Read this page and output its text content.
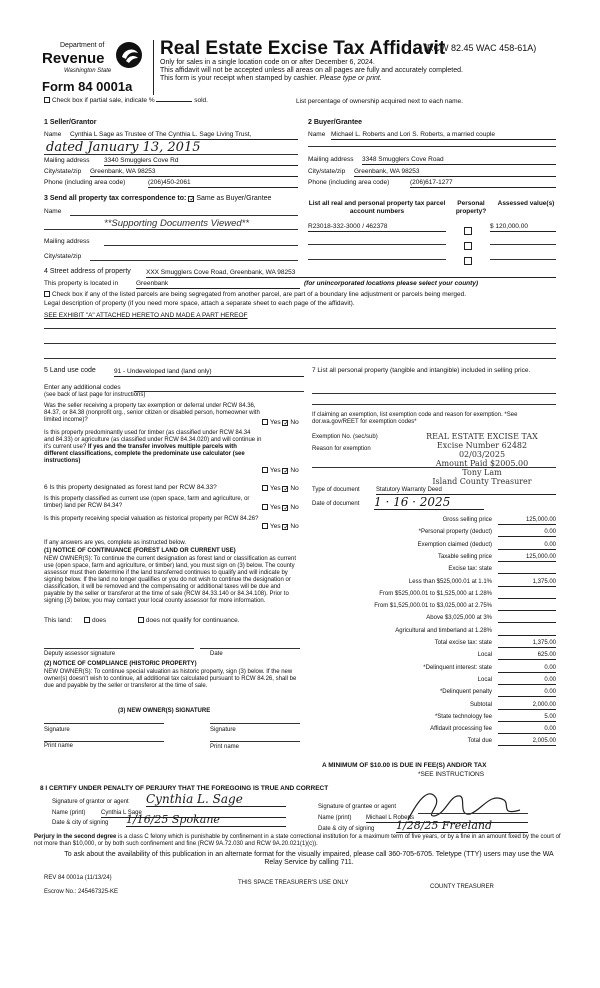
Department of
Revenue
Washington State
Form 84 0001a
Real Estate Excise Tax Affidavit
(RCW 82.45 WAC 458-61A)
Only for sales in a single location code on or after December 6, 2024.
This affidavit will not be accepted unless all areas on all pages are fully and accurately completed.
This form is your receipt when stamped by cashier. Please type or print.
Check box if partial sale, indicate %	sold.	List percentage of ownership acquired next to each name.
1 Seller/Grantor
Name Cynthia L Sage as Trustee of The Cynthia L. Sage Living Trust,
dated January 13, 2015
Mailing address 3340 Smugglers Cove Rd
City/state/zip Greenbank, WA 98253
Phone (including area code)	(206)450-2061
2 Buyer/Grantee
Name Michael L. Roberts and Lori S. Roberts, a married couple
Mailing address 3348 Smugglers Cove Road
City/state/zip Greenbank, WA 98253
Phone (including area code)	(206)617-1277
3 Send all property tax correspondence to: ✓ Same as Buyer/Grantee
Name
**Supporting Documents Viewed**
Mailing address
City/state/zip
List all real and personal property tax parcel account numbers
Personal property?
Assessed value(s)
R23018-332-3000 / 462378	$ 120,000.00
4 Street address of property XXX Smugglers Cove Road, Greenbank, WA 98253
This property is located in	Greenbank	(for unincorporated locations please select your county)
Check box if any of the listed parcels are being segregated from another parcel, are part of a boundary line adjustment or parcels being merged.
Legal description of property (if you need more space, attach a separate sheet to each page of the affidavit).
SEE EXHIBIT "A" ATTACHED HERETO AND MADE A PART HEREOF
5 Land use code	91 - Undeveloped land (land only)
Enter any additional codes
(see back of last page for instructions)
Was the seller receiving a property tax exemption or deferral under RCW 84.36, 84.37, or 84.38 (nonprofit org., senior citizen or disabled person, homeowner with limited income)?	Yes ✓ No
Is this property predominantly used for timber (as classified under RCW 84.34 and 84.33) or agriculture (as classified under RCW 84.34.020) and will continue in it's current use? If yes and the transfer involves multiple parcels with different classifications, complete the predominate use calculator (see instructions)
Yes ✓ No
6 Is this property designated as forest land per RCW 84.33?	Yes ✓ No
Is this property classified as current use (open space, farm and agriculture, or timber) land per RCW 84.34?	Yes ✓ No
Is this property receiving special valuation as historical property per RCW 84.26?
Yes ✓ No
If any answers are yes, complete as instructed below.
(1) NOTICE OF CONTINUANCE (FOREST LAND OR CURRENT USE)
NEW OWNER(S): To continue the current designation as forest land or classification as current use (open space, farm and agriculture, or timber) land, you must sign on (3) below. The county assessor must then determine if the land transferred continues to qualify and will indicate by signing below. If the land no longer qualifies or you do not wish to continue the designation or classification, it will be removed and the compensating or additional taxes will be due and payable by the seller or transferor at the time of sale (RCW 84.33.140 or 84.34.108). Prior to signing (3) below, you may contact your local county assessor for more information.
This land:	does	does not qualify for continuance.
Deputy assessor signature	Date
(2) NOTICE OF COMPLIANCE (HISTORIC PROPERTY)
NEW OWNER(S): To continue special valuation as historic property, sign (3) below. If the new owner(s) doesn't wish to continue, all additional tax calculated pursuant to RCW 84.26, shall be due and payable by the seller or transferor at the time of sale.
(3) NEW OWNER(S) SIGNATURE
Signature	Signature
Print name	Print name
7 List all personal property (tangible and intangible) included in selling price.
If claiming an exemption, list exemption code and reason for exemption. *See dor.wa.gov/REET for exemption codes*
Exemption No. (sec/sub)
Reason for exemption
REAL ESTATE EXCISE TAX
Excise Number 62482
02/03/2025
Amount Paid $2005.00
Tony Lam
Island County Treasurer
Type of document	Statutory Warranty Deed
Date of document 1 · 16 · 2025
Gross selling price	125,000.00
*Personal property (deduct)	0.00
Exemption claimed (deduct)	0.00
Taxable selling price	125,000.00
Excise tax: state
Less than $525,000.01 at 1.1%	1,375.00
From $525,000.01 to $1,525,000 at 1.28%
From $1,525,000.01 to $3,025,000 at 2.75%
Above $3,025,000 at 3%
Agricultural and timberland at 1.28%
Total excise tax: state	1,375.00
Local	625.00
*Delinquent interest: state	0.00
Local	0.00
*Delinquent penalty	0.00
Subtotal	2,000.00
*State technology fee	5.00
Affidavit processing fee	0.00
Total due	2,005.00
A MINIMUM OF $10.00 IS DUE IN FEE(S) AND/OR TAX
*SEE INSTRUCTIONS
8 I CERTIFY UNDER PENALTY OF PERJURY THAT THE FOREGOING IS TRUE AND CORRECT
Signature of grantor or agent Cynthia L. Sage
Name (print)	Cynthia L Sage
Date & city of signing 1/16/25 Spokane
Signature of grantee or agent
Name (print) Michael L Roberts
Date & city of signing 1/28/25 Freeland
Perjury in the second degree is a class C felony which is punishable by confinement in a state correctional institution for a maximum term of five years, or by a fine in an amount fixed by the court of not more than $10,000, or by both such confinement and fine (RCW 9A.72.030 and RCW 9A.20.021(1)(c)).
To ask about the availability of this publication in an alternate format for the visually impaired, please call 360-705-6705. Teletype (TTY) users may use the WA Relay Service by calling 711.
REV 84 0001a (11/13/24)
THIS SPACE TREASURER'S USE ONLY
COUNTY TREASURER
Escrow No.: 245467325-KE
